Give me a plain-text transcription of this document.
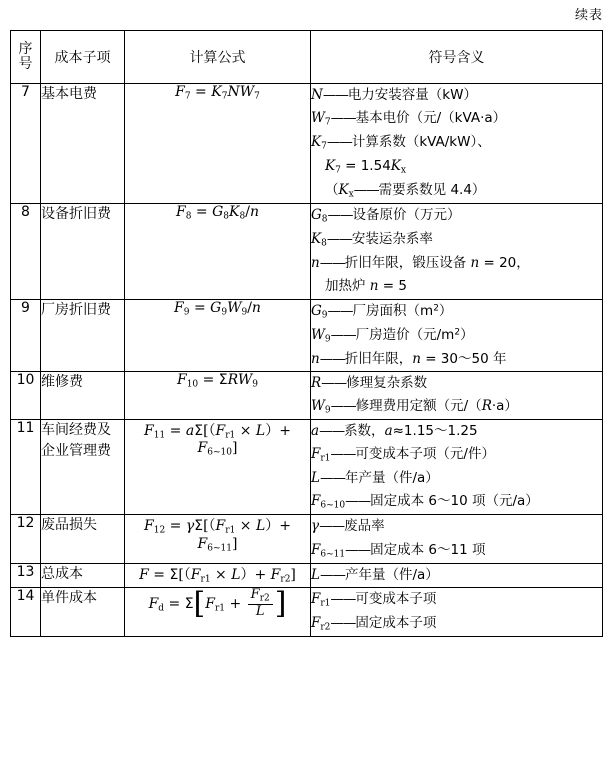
续表
序
号	成本子项	计算公式	符号含义
7	基本电费	$F_7 = K_7NW_7$	N——电力安装容量（kW）
$W_7——$基本电价（元/（kVA·a）
$K_7——$计算系数（kVA/kW）、
$K_7 = 1.54K_x$
（$K_x——$需要系数见 4.4）

8	设备折旧费	$F_8 = G_8K_8/n$	$G_8——$设备原价（万元）
$K_8——$安装运杂系率
n——折旧年限，锻压设备 n = 20，
加热炉 n = 5

9	厂房折旧费	$F_9 = G_9W_9/n$	$G_9——$厂房面积$(m^2)$
$W_9——$厂房造价（元$/m^2$）
n——折旧年限，n = 30～50 年

10	维修费	$F_{10} = \Sigma RW_9$	R——修理复杂系数
$W_9——$修理费用定额（元/（R·a）

11	车间经费及企业管理费	$F_{11} = a\Sigma[(F_{r1} \times L)+ F_{6\sim 10}]$	a——系数，a≈1.15～1.25
$F_{r1}——$可变成本子项（元/件）
L——年产量（件/a）
$F_{6\sim 10}——$固定成本 6～10 项（元/a）

12	废品损失	$F_{12} = \gamma\Sigma[(F_{r1} \times L)+ F_{6\sim 11}]$	γ——废品率
$F_{6\sim 11}——$固定成本 6～11 项

13	总成本	$F = \Sigma[(F_{r1} \times L)+ F_{r2}]$	L——产年量（件/a）

14	单件成本	$F_d = \Sigma[F_{r1} + \frac{F_{r2}}{L}$ ]	$F_{r1}——$可变成本子项
$F_{r2}——$固定成本子项
